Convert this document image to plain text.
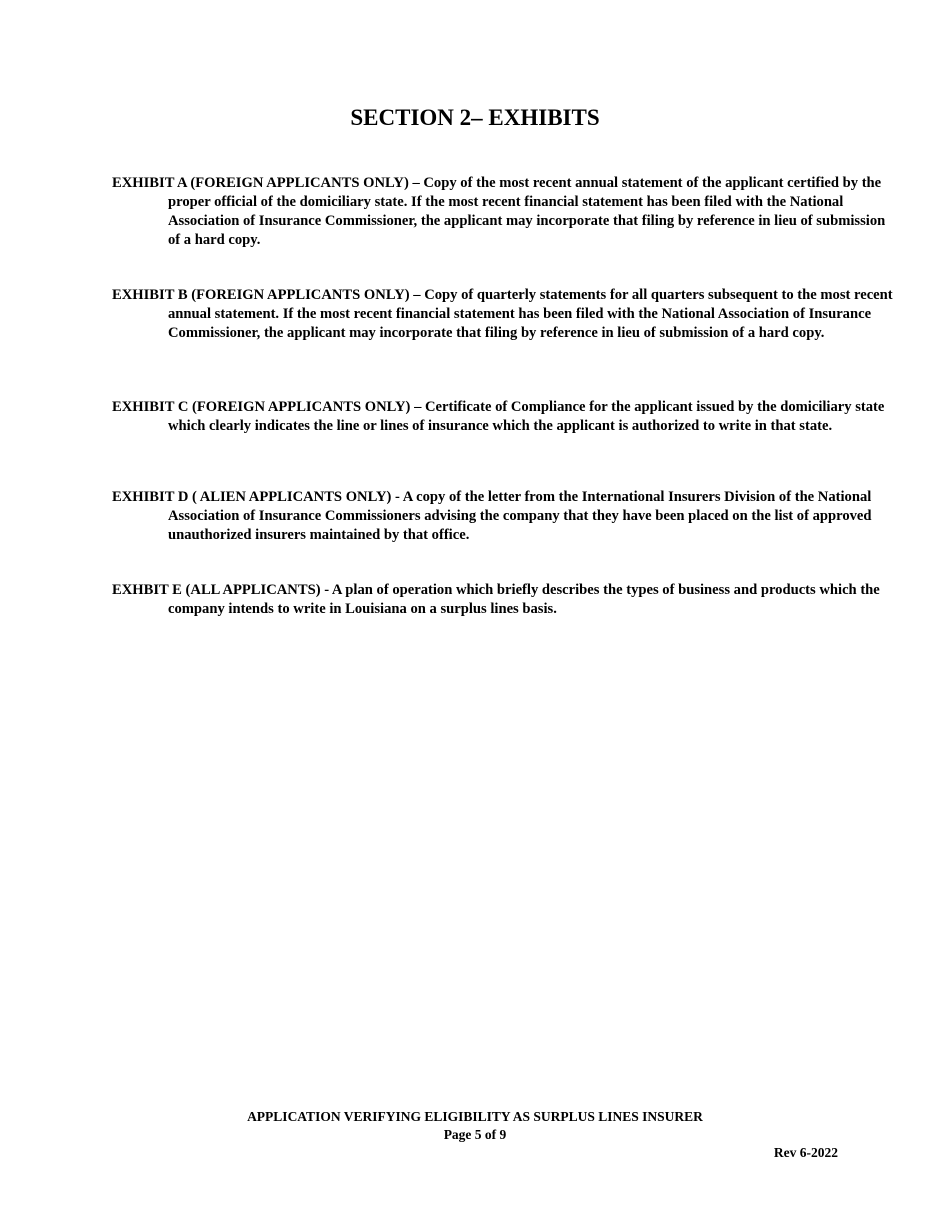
SECTION 2– EXHIBITS

EXHIBIT A (FOREIGN APPLICANTS ONLY) – Copy of the most recent annual statement of the applicant certified by the proper official of the domiciliary state. If the most recent financial statement has been filed with the National Association of Insurance Commissioner, the applicant may incorporate that filing by reference in lieu of submission of a hard copy.

EXHIBIT B (FOREIGN APPLICANTS ONLY) – Copy of quarterly statements for all quarters subsequent to the most recent annual statement. If the most recent financial statement has been filed with the National Association of Insurance Commissioner, the applicant may incorporate that filing by reference in lieu of submission of a hard copy.

EXHIBIT C (FOREIGN APPLICANTS ONLY) – Certificate of Compliance for the applicant issued by the domiciliary state which clearly indicates the line or lines of insurance which the applicant is authorized to write in that state.

EXHIBIT D ( ALIEN APPLICANTS ONLY) - A copy of the letter from the International Insurers Division of the National Association of Insurance Commissioners advising the company that they have been placed on the list of approved unauthorized insurers maintained by that office.

EXHBIT E (ALL APPLICANTS) - A plan of operation which briefly describes the types of business and products which the company intends to write in Louisiana on a surplus lines basis.

APPLICATION VERIFYING ELIGIBILITY AS SURPLUS LINES INSURER
Page 5 of 9
Rev 6-2022
